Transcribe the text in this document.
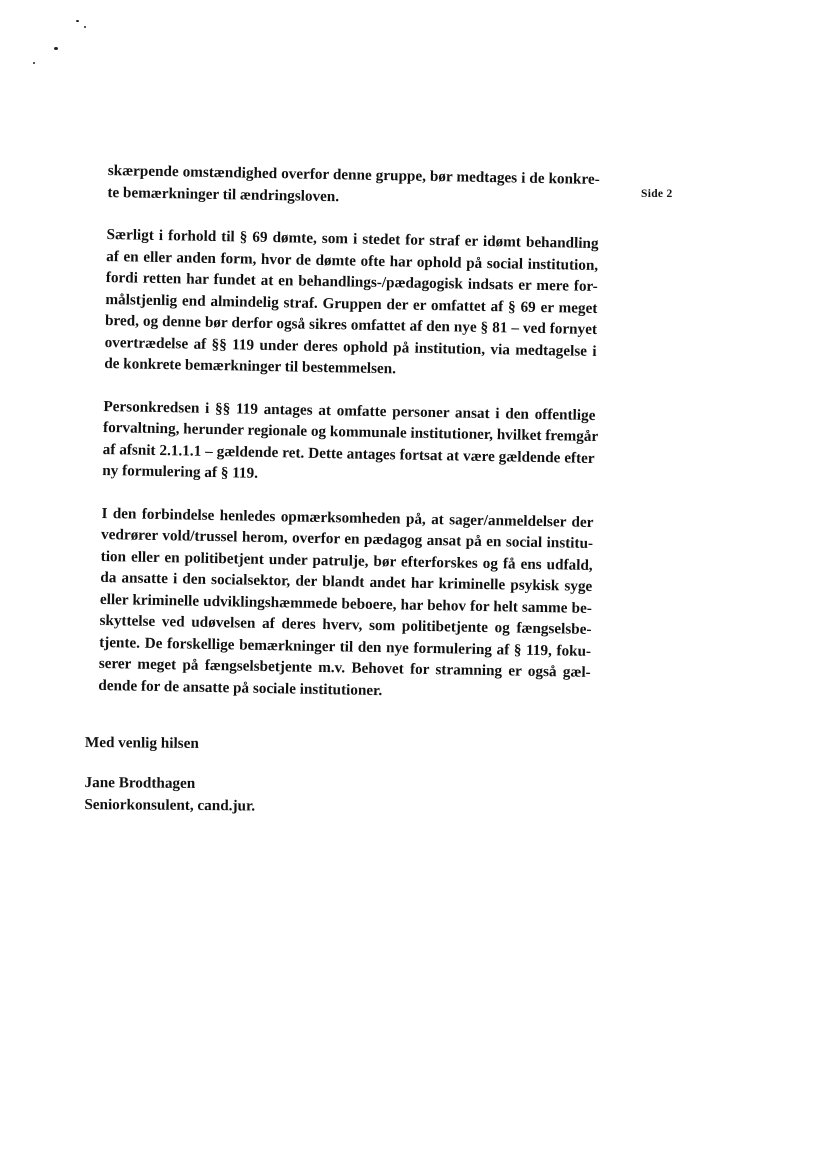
Side 2
skærpende omstændighed overfor denne gruppe, bør medtages i de konkre-
te bemærkninger til ændringsloven.
Særligt i forhold til § 69 dømte, som i stedet for straf er idømt behandling
af en eller anden form, hvor de dømte ofte har ophold på social institution,
fordi retten har fundet at en behandlings-/pædagogisk indsats er mere for-
målstjenlig end almindelig straf. Gruppen der er omfattet af § 69 er meget
bred, og denne bør derfor også sikres omfattet af den nye § 81 – ved fornyet
overtrædelse af §§ 119 under deres ophold på institution, via medtagelse i
de konkrete bemærkninger til bestemmelsen.
Personkredsen i §§ 119 antages at omfatte personer ansat i den offentlige
forvaltning, herunder regionale og kommunale institutioner, hvilket fremgår
af afsnit 2.1.1.1 – gældende ret. Dette antages fortsat at være gældende efter
ny formulering af § 119.
I den forbindelse henledes opmærksomheden på, at sager/anmeldelser der
vedrører vold/trussel herom, overfor en pædagog ansat på en social institu-
tion eller en politibetjent under patrulje, bør efterforskes og få ens udfald,
da ansatte i den socialsektor, der blandt andet har kriminelle psykisk syge
eller kriminelle udviklingshæmmede beboere, har behov for helt samme be-
skyttelse ved udøvelsen af deres hverv, som politibetjente og fængselsbe-
tjente. De forskellige bemærkninger til den nye formulering af § 119, foku-
serer meget på fængselsbetjente m.v. Behovet for stramning er også gæl-
dende for de ansatte på sociale institutioner.
Med venlig hilsen
Jane Brodthagen
Seniorkonsulent, cand.jur.
